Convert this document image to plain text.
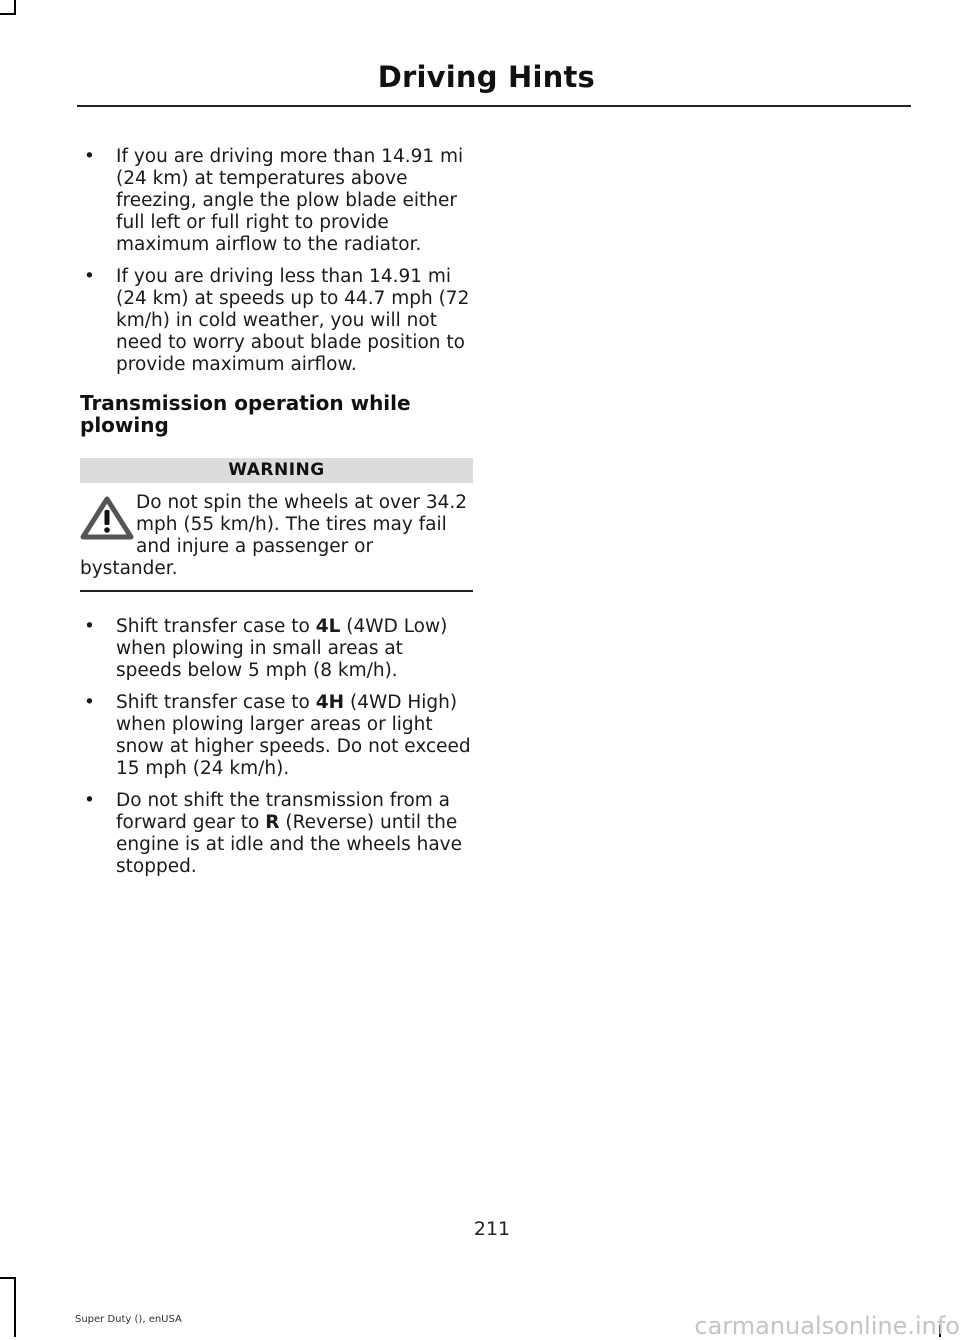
Driving Hints
• If you are driving more than 14.91 mi (24 km) at temperatures above freezing, angle the plow blade either full left or full right to provide maximum airflow to the radiator.
• If you are driving less than 14.91 mi (24 km) at speeds up to 44.7 mph (72 km/h) in cold weather, you will not need to worry about blade position to provide maximum airflow.
Transmission operation while plowing
WARNING
Do not spin the wheels at over 34.2 mph (55 km/h). The tires may fail and injure a passenger or bystander.
• Shift transfer case to 4L (4WD Low) when plowing in small areas at speeds below 5 mph (8 km/h).
• Shift transfer case to 4H (4WD High) when plowing larger areas or light snow at higher speeds. Do not exceed 15 mph (24 km/h).
• Do not shift the transmission from a forward gear to R (Reverse) until the engine is at idle and the wheels have stopped.
211
Super Duty (), enUSA	carmanualsonline.info
